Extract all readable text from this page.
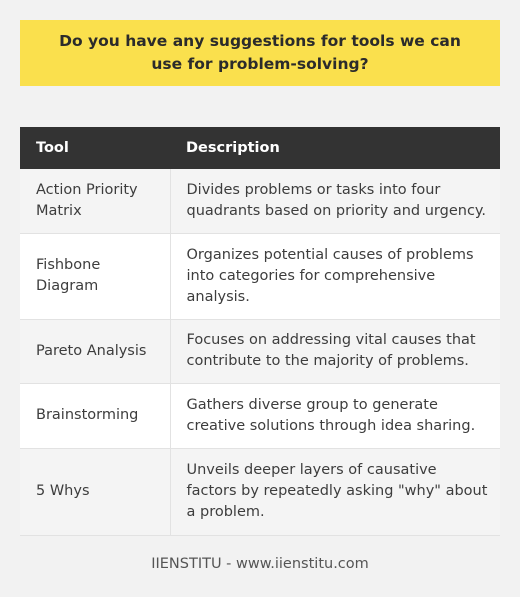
Do you have any suggestions for tools we can use for problem-solving?
Tool	Description
Action Priority Matrix	Divides problems or tasks into four quadrants based on priority and urgency.
Fishbone Diagram	Organizes potential causes of problems into categories for comprehensive analysis.
Pareto Analysis	Focuses on addressing vital causes that contribute to the majority of problems.
Brainstorming	Gathers diverse group to generate creative solutions through idea sharing.
5 Whys	Unveils deeper layers of causative factors by repeatedly asking "why" about a problem.
IIENSTITU - www.iienstitu.com
